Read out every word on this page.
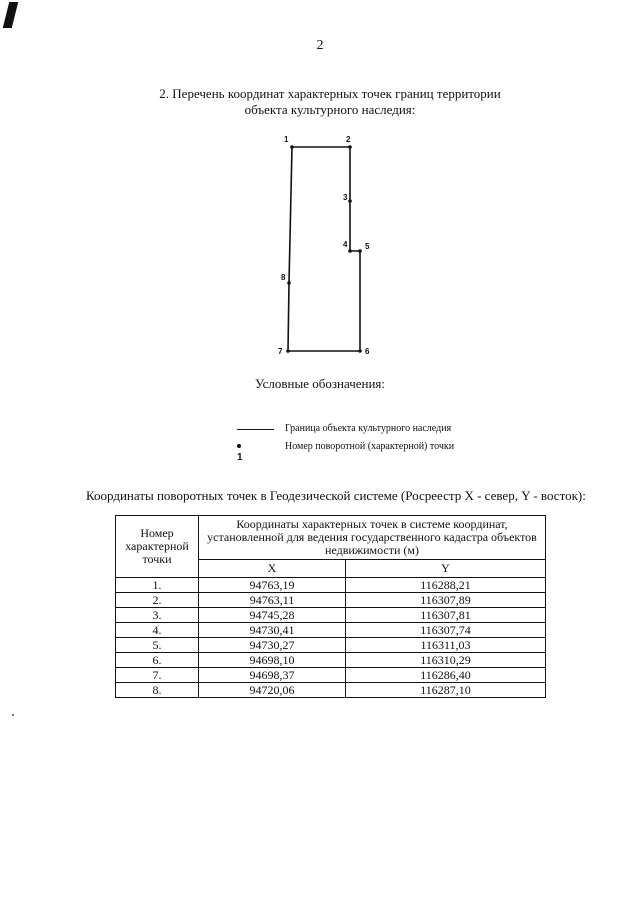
2
2. Перечень координат характерных точек границ территории
объекта культурного наследия:
1	2
3
4 5
6
7
8
Условные обозначения:
Граница объекта культурного наследия
1
Номер поворотной (характерной) точки
Координаты поворотных точек в Геодезической системе (Росреестр X - север, Y - восток):
Номер характерной точки	Координаты характерных точек в системе координат, установленной для ведения государственного кадастра объектов недвижимости (м)	
	X	Y
1.	94763,19	116288,21
2.	94763,11	116307,89
3.	94745,28	116307,81
4.	94730,41	116307,74
5.	94730,27	116311,03
6.	94698,10	116310,29
7.	94698,37	116286,40
8.	94720,06	116287,10
